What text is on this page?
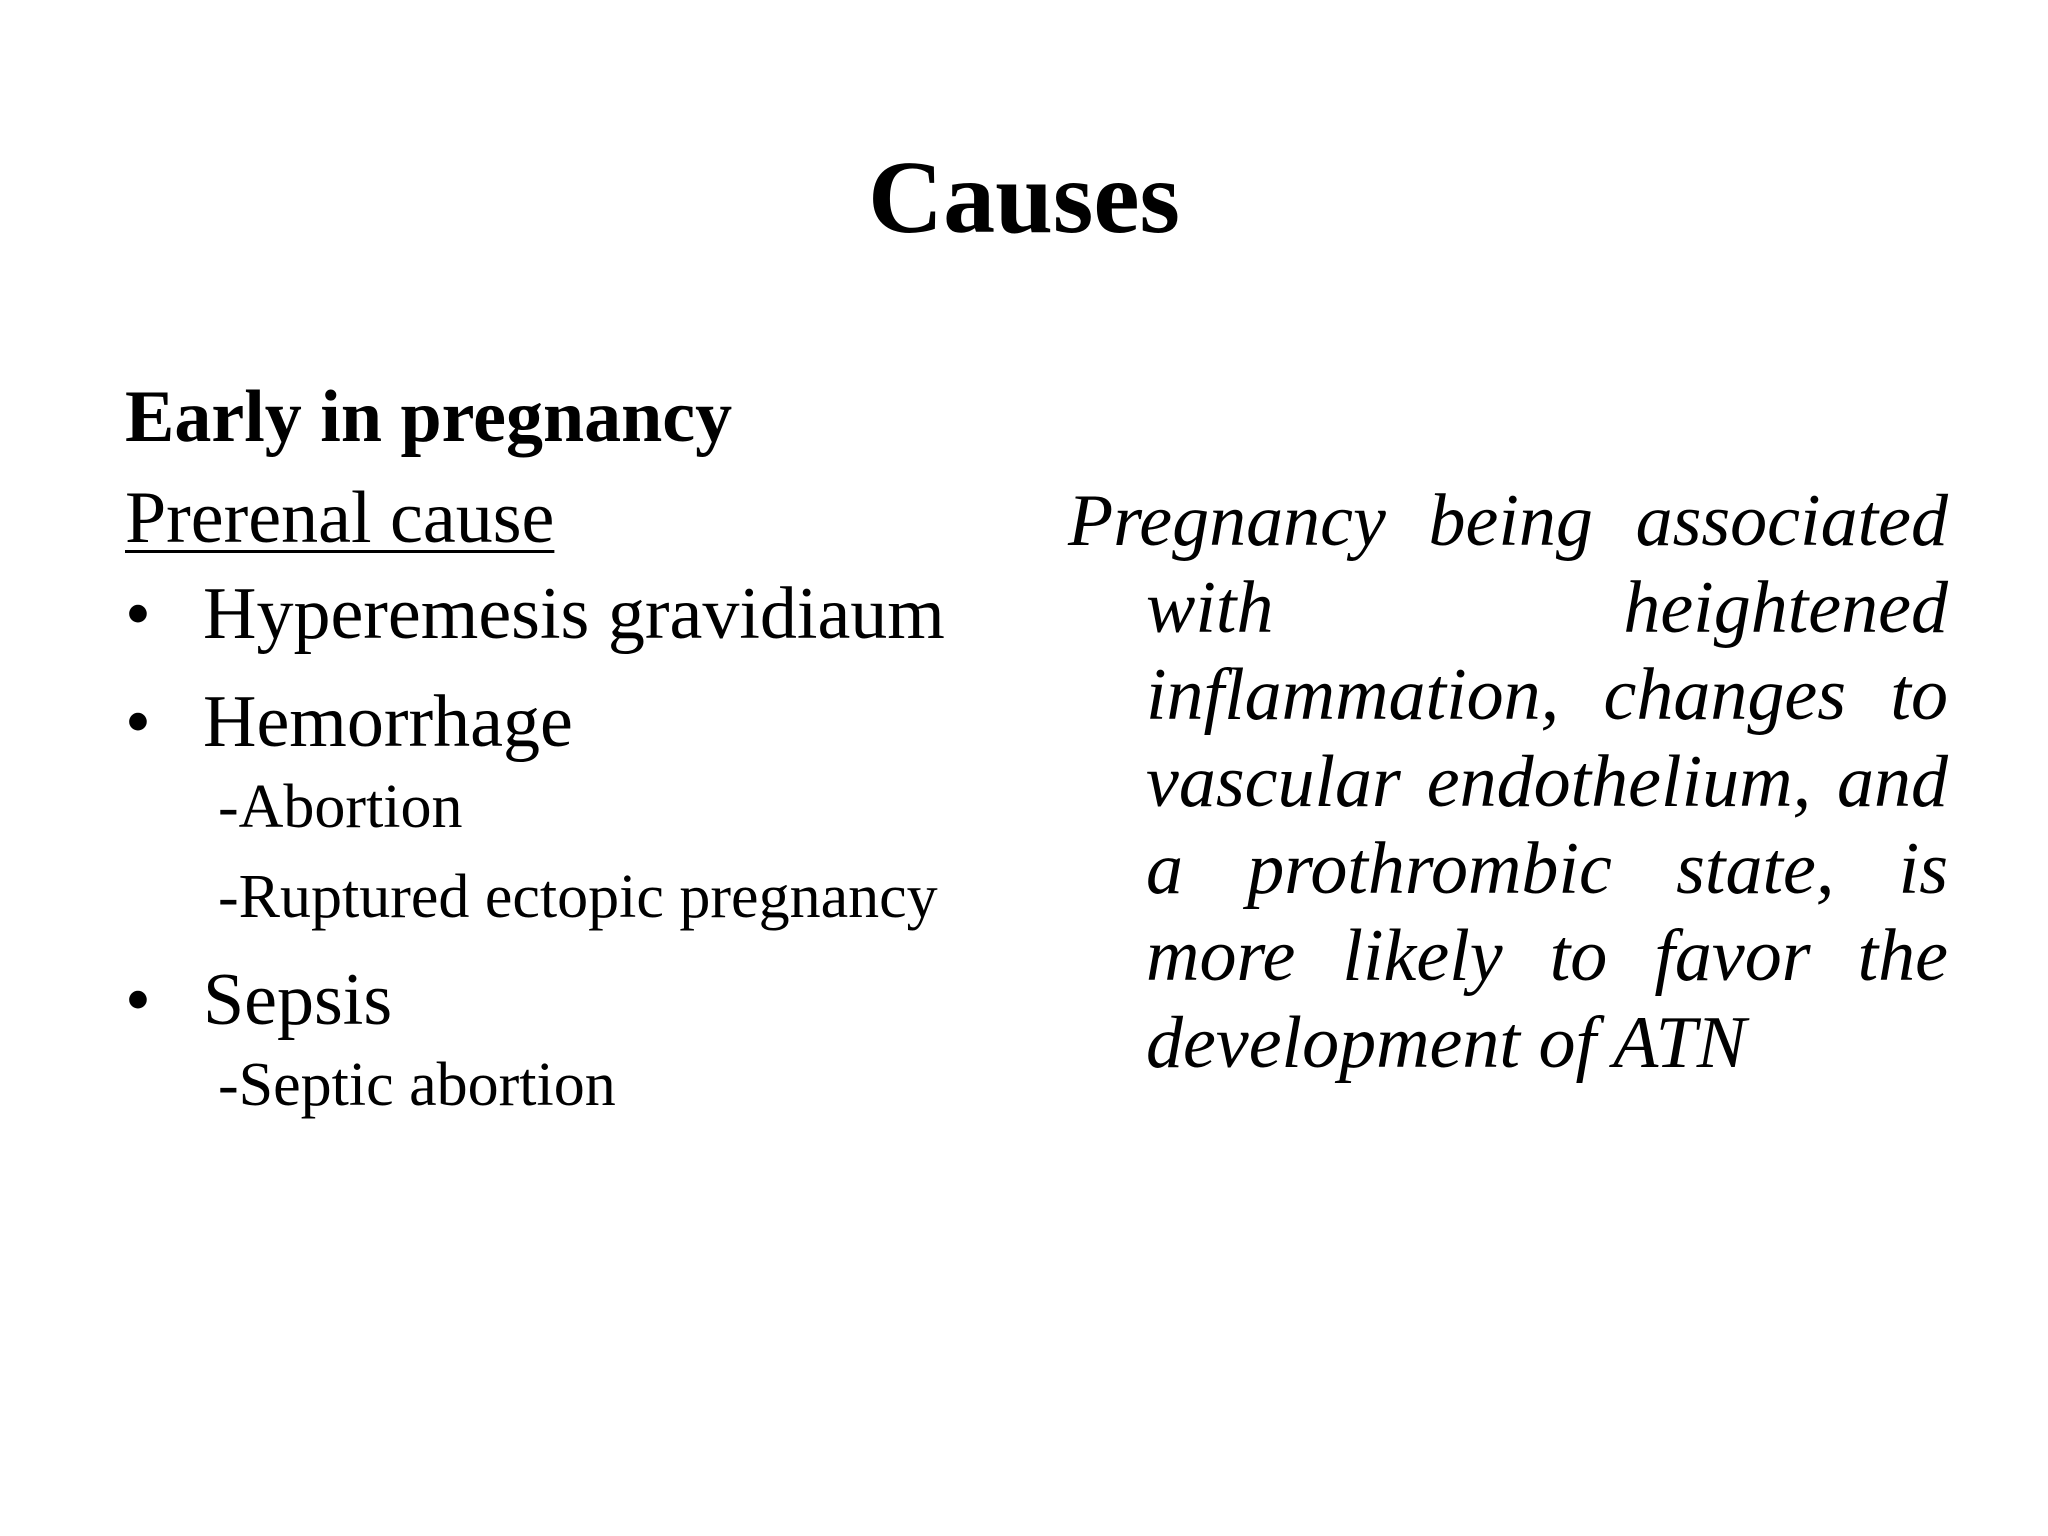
Causes
Early in pregnancy
Prerenal cause
• Hyperemesis gravidiaum
• Hemorrhage
-Abortion
-Ruptured ectopic pregnancy
• Sepsis
-Septic abortion

Pregnancy being associated with heightened inflammation, changes to vascular endothelium, and a prothrombic state, is more likely to favor the development of ATN
